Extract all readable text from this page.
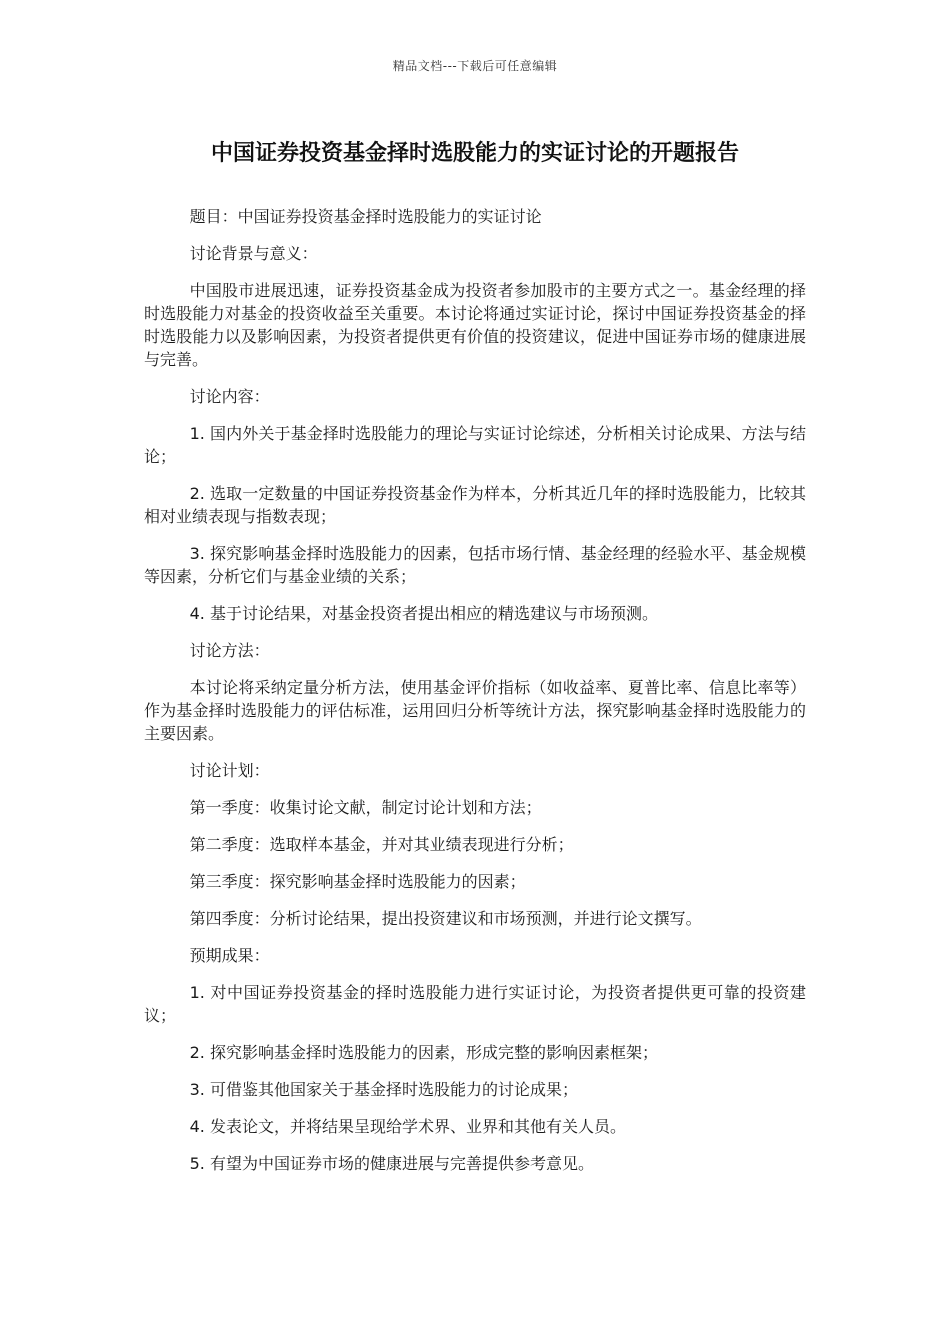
精品文档---下载后可任意编辑
中国证券投资基金择时选股能力的实证讨论的开题报告

题目：中国证券投资基金择时选股能力的实证讨论

讨论背景与意义：

中国股市进展迅速，证券投资基金成为投资者参加股市的主要方式之一。基金经理的择时选股能力对基金的投资收益至关重要。本讨论将通过实证讨论，探讨中国证券投资基金的择时选股能力以及影响因素，为投资者提供更有价值的投资建议，促进中国证券市场的健康进展与完善。

讨论内容：

1. 国内外关于基金择时选股能力的理论与实证讨论综述，分析相关讨论成果、方法与结论；

2. 选取一定数量的中国证券投资基金作为样本，分析其近几年的择时选股能力，比较其相对业绩表现与指数表现；

3. 探究影响基金择时选股能力的因素，包括市场行情、基金经理的经验水平、基金规模等因素，分析它们与基金业绩的关系；

4. 基于讨论结果，对基金投资者提出相应的精选建议与市场预测。

讨论方法：

本讨论将采纳定量分析方法，使用基金评价指标（如收益率、夏普比率、信息比率等）作为基金择时选股能力的评估标准，运用回归分析等统计方法，探究影响基金择时选股能力的主要因素。

讨论计划：

第一季度：收集讨论文献，制定讨论计划和方法；

第二季度：选取样本基金，并对其业绩表现进行分析；

第三季度：探究影响基金择时选股能力的因素；

第四季度：分析讨论结果，提出投资建议和市场预测，并进行论文撰写。

预期成果：

1. 对中国证券投资基金的择时选股能力进行实证讨论，为投资者提供更可靠的投资建议；

2. 探究影响基金择时选股能力的因素，形成完整的影响因素框架；

3. 可借鉴其他国家关于基金择时选股能力的讨论成果；

4. 发表论文，并将结果呈现给学术界、业界和其他有关人员。

5. 有望为中国证券市场的健康进展与完善提供参考意见。
